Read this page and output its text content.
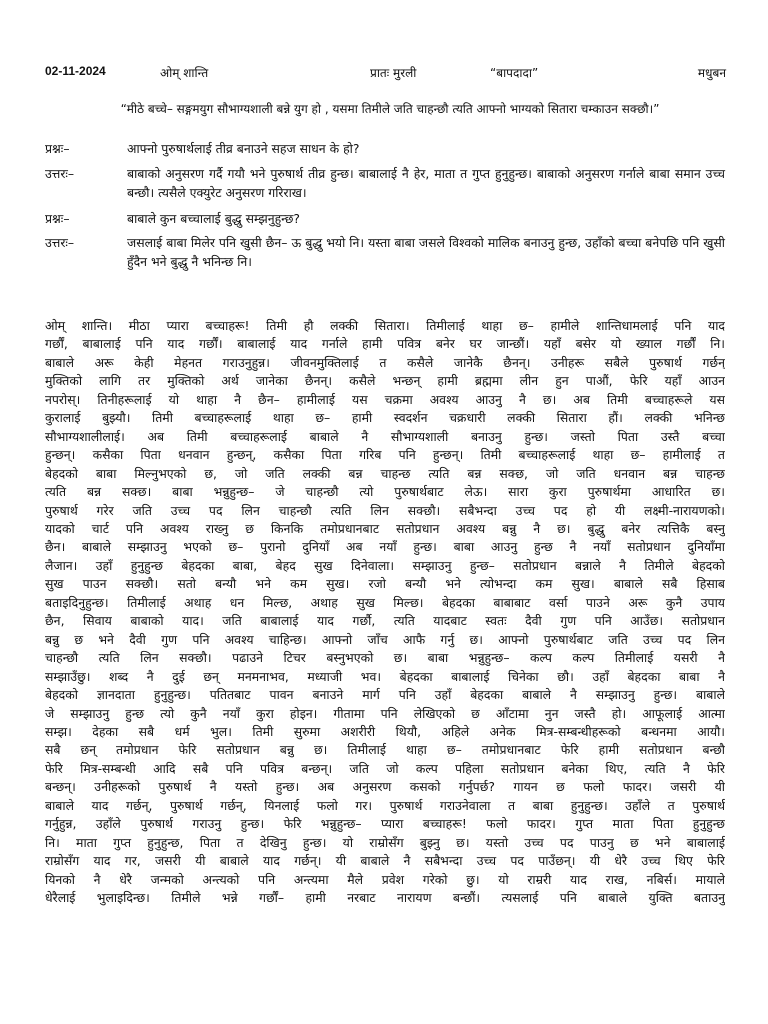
02-11-2024	ओम् शान्ति	प्रातः मुरली	“बापदादा”	मधुबन
“मीठे बच्चे– सङ्गमयुग सौभाग्यशाली बन्ने युग हो , यसमा तिमीले जति चाहन्छौ त्यति आफ्नो भाग्यको सितारा चम्काउन सक्छौ।”
प्रश्नः–	आफ्नो पुरुषार्थलाई तीव्र बनाउने सहज साधन के हो?
उत्तरः–	बाबाको अनुसरण गर्दै गयौ भने पुरुषार्थ तीव्र हुन्छ। बाबालाई नै हेर, माता त गुप्त हुनुहुन्छ। बाबाको अनुसरण गर्नाले बाबा समान उच्च बन्छौ। त्यसैले एक्युरेट अनुसरण गरिराख।
प्रश्नः–	बाबाले कुन बच्चालाई बुद्धु सम्झनुहुन्छ?
उत्तरः–	जसलाई बाबा मिलेर पनि खुसी छैन– ऊ बुद्धु भयो नि। यस्ता बाबा जसले विश्वको मालिक बनाउनु हुन्छ, उहाँको बच्चा बनेपछि पनि खुसी हुँदैन भने बुद्धु नै भनिन्छ नि।
ओम् शान्ति। मीठा प्यारा बच्चाहरू! तिमी हौ लक्की सितारा। तिमीलाई थाहा छ– हामीले शान्तिधामलाई पनि याद
गर्छौं, बाबालाई पनि याद गर्छौं। बाबालाई याद गर्नाले हामी पवित्र बनेर घर जान्छौं। यहाँ बसेर यो ख्याल गर्छौं नि।
बाबाले अरू केही मेहनत गराउनुहुन्न। जीवनमुक्तिलाई त कसैले जानेकै छैनन्। उनीहरू सबैले पुरुषार्थ गर्छन्
मुक्तिको लागि तर मुक्तिको अर्थ जानेका छैनन्। कसैले भन्छन् हामी ब्रह्ममा लीन हुन पाऔं, फेरि यहाँ आउन
नपरोस्। तिनीहरूलाई यो थाहा नै छैन– हामीलाई यस चक्रमा अवश्य आउनु नै छ। अब तिमी बच्चाहरूले यस
कुरालाई बुझ्यौ। तिमी बच्चाहरूलाई थाहा छ– हामी स्वदर्शन चक्रधारी लक्की सितारा हौं। लक्की भनिन्छ
सौभाग्यशालीलाई। अब तिमी बच्चाहरूलाई बाबाले नै सौभाग्यशाली बनाउनु हुन्छ। जस्तो पिता उस्तै बच्चा
हुन्छन्। कसैका पिता धनवान हुन्छन्, कसैका पिता गरिब पनि हुन्छन्। तिमी बच्चाहरूलाई थाहा छ– हामीलाई त
बेहदको बाबा मिल्नुभएको छ, जो जति लक्की बन्न चाहन्छ त्यति बन्न सक्छ, जो जति धनवान बन्न चाहन्छ
त्यति बन्न सक्छ। बाबा भन्नुहुन्छ– जे चाहन्छौ त्यो पुरुषार्थबाट लेऊ। सारा कुरा पुरुषार्थमा आधारित छ।
पुरुषार्थ गरेर जति उच्च पद लिन चाहन्छौ त्यति लिन सक्छौ। सबैभन्दा उच्च पद हो यी लक्ष्मी-नारायणको।
यादको चार्ट पनि अवश्य राख्नु छ किनकि तमोप्रधानबाट सतोप्रधान अवश्य बन्नु नै छ। बुद्धु बनेर त्यत्तिकै बस्नु
छैन। बाबाले सम्झाउनु भएको छ– पुरानो दुनियाँ अब नयाँ हुन्छ। बाबा आउनु हुन्छ नै नयाँ सतोप्रधान दुनियाँमा
लैजान। उहाँ हुनुहुन्छ बेहदका बाबा, बेहद सुख दिनेवाला। सम्झाउनु हुन्छ– सतोप्रधान बन्नाले नै तिमीले बेहदको
सुख पाउन सक्छौ। सतो बन्यौ भने कम सुख। रजो बन्यौ भने त्योभन्दा कम सुख। बाबाले सबै हिसाब
बताइदिनुहुन्छ। तिमीलाई अथाह धन मिल्छ, अथाह सुख मिल्छ। बेहदका बाबाबाट वर्सा पाउने अरू कुनै उपाय
छैन, सिवाय बाबाको याद। जति बाबालाई याद गर्छौ, त्यति यादबाट स्वतः दैवी गुण पनि आउँछ। सतोप्रधान
बन्नु छ भने दैवी गुण पनि अवश्य चाहिन्छ। आफ्नो जाँच आफै गर्नु छ। आफ्नो पुरुषार्थबाट जति उच्च पद लिन
चाहन्छौ त्यति लिन सक्छौ। पढाउने टिचर बस्नुभएको छ। बाबा भन्नुहुन्छ– कल्प कल्प तिमीलाई यसरी नै
सम्झाउँछु। शब्द नै दुई छन् मनमनाभव, मध्याजी भव। बेहदका बाबालाई चिनेका छौ। उहाँ बेहदका बाबा नै
बेहदको ज्ञानदाता हुनुहुन्छ। पतितबाट पावन बनाउने मार्ग पनि उहाँ बेहदका बाबाले नै सम्झाउनु हुन्छ। बाबाले
जे सम्झाउनु हुन्छ त्यो कुनै नयाँ कुरा होइन। गीतामा पनि लेखिएको छ आँटामा नुन जस्तै हो। आफूलाई आत्मा
सम्झ। देहका सबै धर्म भुल। तिमी सुरुमा अशरीरी थियौ, अहिले अनेक मित्र-सम्बन्धीहरूको बन्धनमा आयौ।
सबै छन् तमोप्रधान फेरि सतोप्रधान बन्नु छ। तिमीलाई थाहा छ– तमोप्रधानबाट फेरि हामी सतोप्रधान बन्छौ
फेरि मित्र-सम्बन्धी आदि सबै पनि पवित्र बन्छन्। जति जो कल्प पहिला सतोप्रधान बनेका थिए, त्यति नै फेरि
बन्छन्। उनीहरूको पुरुषार्थ नै यस्तो हुन्छ। अब अनुसरण कसको गर्नुपर्छ? गायन छ फलो फादर। जसरी यी
बाबाले याद गर्छन्, पुरुषार्थ गर्छन्, यिनलाई फलो गर। पुरुषार्थ गराउनेवाला त बाबा हुनुहुन्छ। उहाँले त पुरुषार्थ
गर्नुहुन्न, उहाँले पुरुषार्थ गराउनु हुन्छ। फेरि भन्नुहुन्छ– प्यारा बच्चाहरू! फलो फादर। गुप्त माता पिता हुनुहुन्छ
नि। माता गुप्त हुनुहुन्छ, पिता त देखिनु हुन्छ। यो राम्रोसँग बुझ्नु छ। यस्तो उच्च पद पाउनु छ भने बाबालाई
राम्रोसँग याद गर, जसरी यी बाबाले याद गर्छन्। यी बाबाले नै सबैभन्दा उच्च पद पाउँछन्। यी धेरै उच्च थिए फेरि
यिनको नै धेरै जन्मको अन्त्यको पनि अन्त्यमा मैले प्रवेश गरेको छु। यो राम्ररी याद राख, नबिर्स। मायाले
धेरैलाई भुलाइदिन्छ। तिमीले भन्ने गर्छौं– हामी नरबाट नारायण बन्छौं। त्यसलाई पनि बाबाले युक्ति बताउनु
